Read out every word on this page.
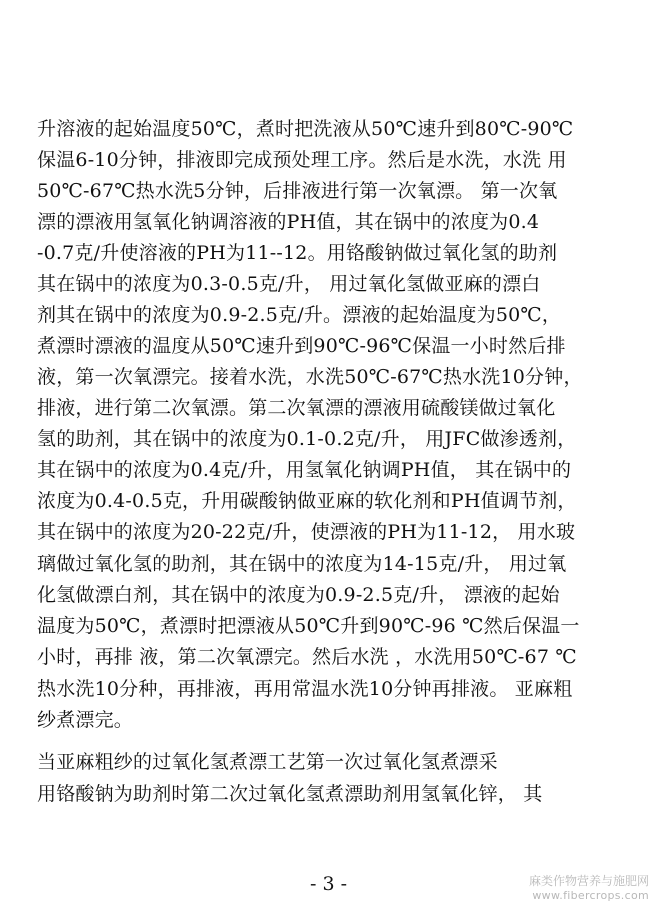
升溶液的起始温度50℃，煮时把洗液从50℃速升到80℃-90℃
保温6-10分钟，排液即完成预处理工序。然后是水洗，水洗 用
50℃-67℃热水洗5分钟，后排液进行第一次氧漂。 第一次氧
漂的漂液用氢氧化钠调溶液的PH值，其在锅中的浓度为0.4
-0.7克/升使溶液的PH为11--12。用铬酸钠做过氧化氢的助剂
其在锅中的浓度为0.3-0.5克/升， 用过氧化氢做亚麻的漂白
剂其在锅中的浓度为0.9-2.5克/升。漂液的起始温度为50℃，
煮漂时漂液的温度从50℃速升到90℃-96℃保温一小时然后排
液，第一次氧漂完。接着水洗，水洗50℃-67℃热水洗10分钟，
排液，进行第二次氧漂。第二次氧漂的漂液用硫酸镁做过氧化
氢的助剂，其在锅中的浓度为0.1-0.2克/升， 用JFC做渗透剂，
其在锅中的浓度为0.4克/升，用氢氧化钠调PH值， 其在锅中的
浓度为0.4-0.5克，升用碳酸钠做亚麻的软化剂和PH值调节剂，
其在锅中的浓度为20-22克/升，使漂液的PH为11-12， 用水玻
璃做过氧化氢的助剂，其在锅中的浓度为14-15克/升， 用过氧
化氢做漂白剂，其在锅中的浓度为0.9-2.5克/升， 漂液的起始
温度为50℃，煮漂时把漂液从50℃升到90℃-96 ℃然后保温一
小时，再排 液，第二次氧漂完。然后水洗 ，水洗用50℃-67 ℃
热水洗10分种，再排液，再用常温水洗10分钟再排液。 亚麻粗
纱煮漂完。
当亚麻粗纱的过氧化氢煮漂工艺第一次过氧化氢煮漂采
用铬酸钠为助剂时第二次过氧化氢煮漂助剂用氢氧化锌， 其
- 3 -	麻类作物营养与施肥网
www.fibercrops.com
